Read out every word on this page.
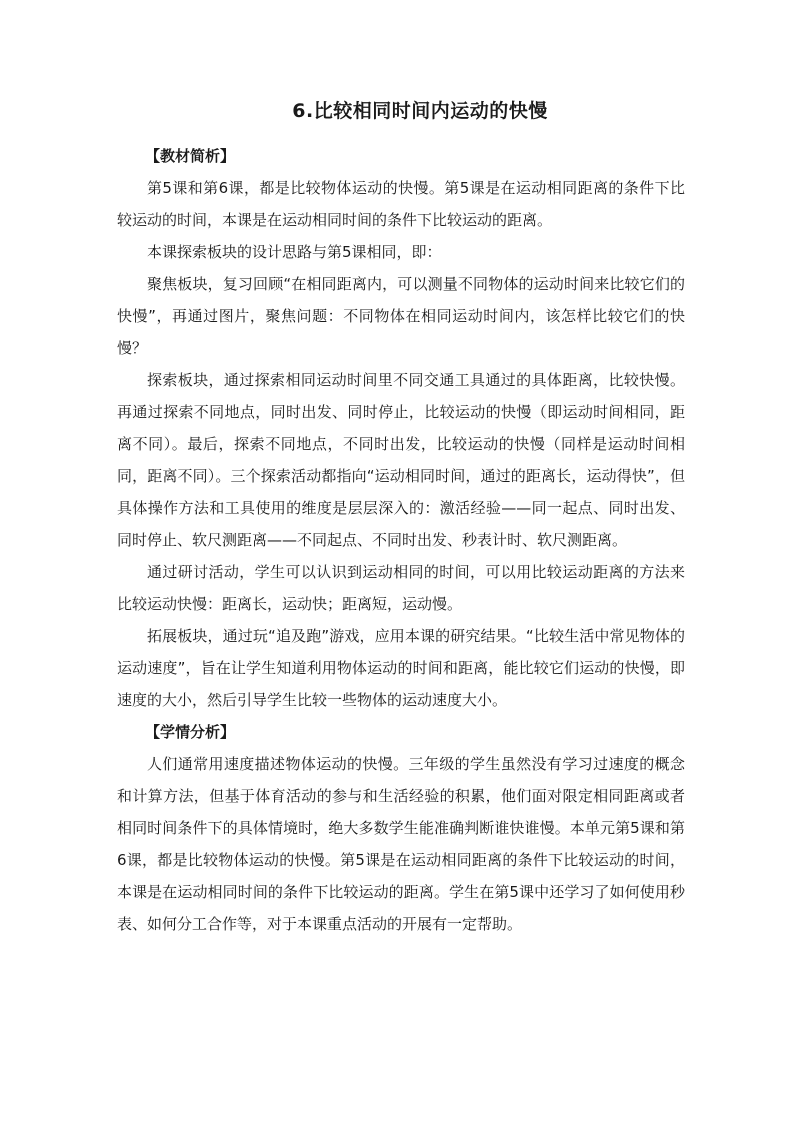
6.比较相同时间内运动的快慢
【教材简析】

第5课和第6课，都是比较物体运动的快慢。第5课是在运动相同距离的条件下比较运动的时间，本课是在运动相同时间的条件下比较运动的距离。

本课探索板块的设计思路与第5课相同，即：

聚焦板块，复习回顾“在相同距离内，可以测量不同物体的运动时间来比较它们的快慢”，再通过图片，聚焦问题：不同物体在相同运动时间内，该怎样比较它们的快慢？

探索板块，通过探索相同运动时间里不同交通工具通过的具体距离，比较快慢。再通过探索不同地点，同时出发、同时停止，比较运动的快慢（即运动时间相同，距离不同）。最后，探索不同地点，不同时出发，比较运动的快慢（同样是运动时间相同，距离不同）。三个探索活动都指向“运动相同时间，通过的距离长，运动得快”，但具体操作方法和工具使用的维度是层层深入的：激活经验——同一起点、同时出发、同时停止、软尺测距离——不同起点、不同时出发、秒表计时、软尺测距离。

通过研讨活动，学生可以认识到运动相同的时间，可以用比较运动距离的方法来比较运动快慢：距离长，运动快；距离短，运动慢。

拓展板块，通过玩“追及跑”游戏，应用本课的研究结果。“比较生活中常见物体的运动速度”，旨在让学生知道利用物体运动的时间和距离，能比较它们运动的快慢，即速度的大小，然后引导学生比较一些物体的运动速度大小。

【学情分析】

人们通常用速度描述物体运动的快慢。三年级的学生虽然没有学习过速度的概念和计算方法，但基于体育活动的参与和生活经验的积累，他们面对限定相同距离或者相同时间条件下的具体情境时，绝大多数学生能准确判断谁快谁慢。本单元第5课和第6课，都是比较物体运动的快慢。第5课是在运动相同距离的条件下比较运动的时间，本课是在运动相同时间的条件下比较运动的距离。学生在第5课中还学习了如何使用秒表、如何分工合作等，对于本课重点活动的开展有一定帮助。
